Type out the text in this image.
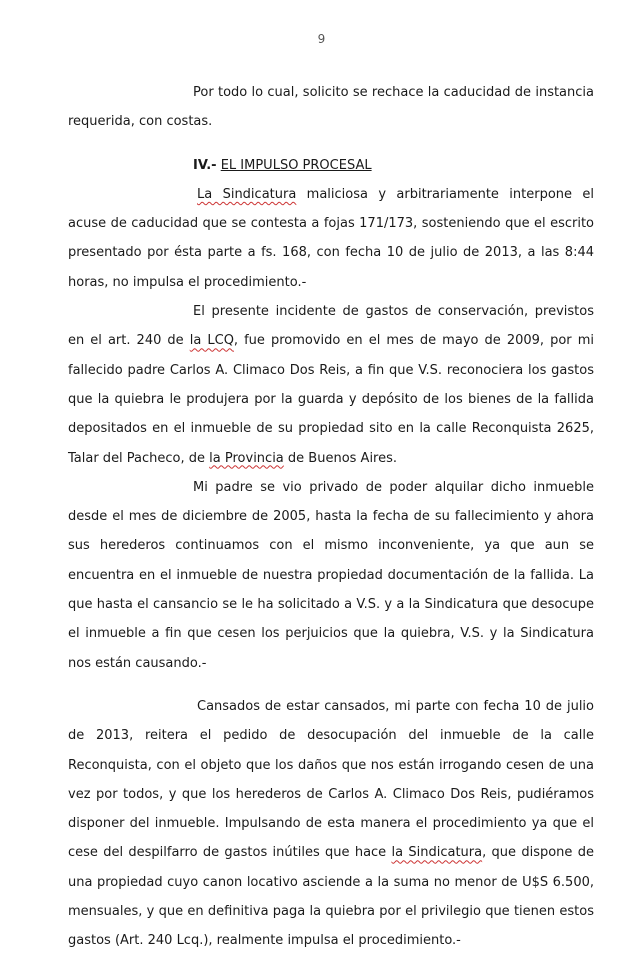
9

Por todo lo cual, solicito se rechace la caducidad de instancia
requerida, con costas.

IV.- EL IMPULSO PROCESAL

La Sindicatura maliciosa y arbitrariamente interpone el acuse de caducidad que se contesta a fojas 171/173, sosteniendo que el escrito presentado por ésta parte a fs. 168, con fecha 10 de julio de 2013, a las 8:44 horas, no impulsa el procedimiento.-

El presente incidente de gastos de conservación, previstos en el art. 240 de la LCQ, fue promovido en el mes de mayo de 2009, por mi fallecido padre Carlos A. Climaco Dos Reis, a fin que V.S. reconociera los gastos que la quiebra le produjera por la guarda y depósito de los bienes de la fallida depositados en el inmueble de su propiedad sito en la calle Reconquista 2625, Talar del Pacheco, de la Provincia de Buenos Aires.

Mi padre se vio privado de poder alquilar dicho inmueble desde el mes de diciembre de 2005, hasta la fecha de su fallecimiento y ahora sus herederos continuamos con el mismo inconveniente, ya que aun se encuentra en el inmueble de nuestra propiedad documentación de la fallida. La que hasta el cansancio se le ha solicitado a V.S. y a la Sindicatura que desocupe el inmueble a fin que cesen los perjuicios que la quiebra, V.S. y la Sindicatura nos están causando.-

Cansados de estar cansados, mi parte con fecha 10 de julio de 2013, reitera el pedido de desocupación del inmueble de la calle Reconquista, con el objeto que los daños que nos están irrogando cesen de una vez por todos, y que los herederos de Carlos A. Climaco Dos Reis, pudiéramos disponer del inmueble. Impulsando de esta manera el procedimiento ya que el cese del despilfarro de gastos inútiles que hace la Sindicatura, que dispone de una propiedad cuyo canon locativo asciende a la suma no menor de U$S 6.500, mensuales, y que en definitiva paga la quiebra por el privilegio que tienen estos gastos (Art. 240 Lcq.), realmente impulsa el procedimiento.-
